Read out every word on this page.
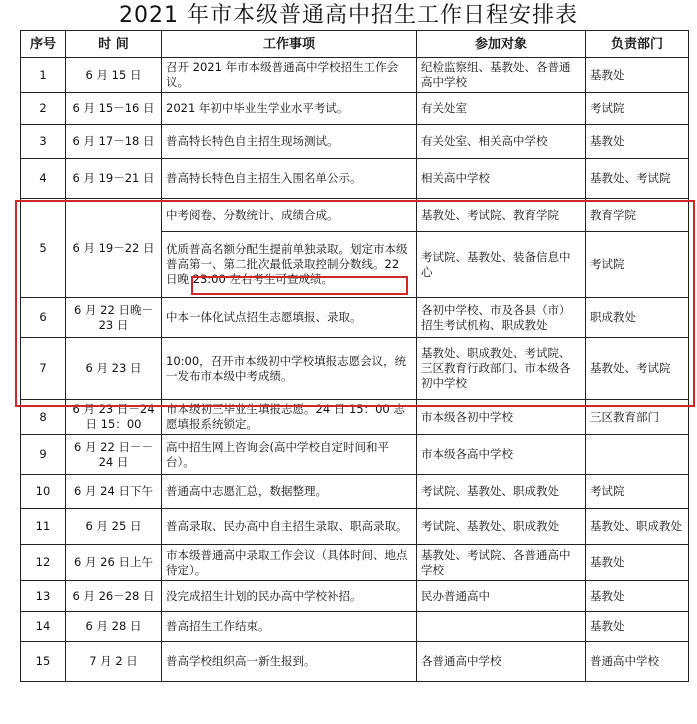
2021 年市本级普通高中招生工作日程安排表
序号	时 间	工作事项	参加对象	负责部门
1	6 月 15 日	召开 2021 年市本级普通高中学校招生工作会议。	纪检监察组、基教处、各普通高中学校	基教处
2	6 月 15－16 日	2021 年初中毕业生学业水平考试。	有关处室	考试院
3	6 月 17－18 日	普高特长特色自主招生现场测试。	有关处室、相关高中学校	基教处
4	6 月 19－21 日	普高特长特色自主招生入围名单公示。	相关高中学校	基教处、考试院
5	6 月 19－22 日	中考阅卷、分数统计、成绩合成。	基教处、考试院、教育学院	教育学院
		优质普高名额分配生提前单独录取。划定市本级普高第一、第二批次最低录取控制分数线。22 日晚 23:00 左右考生可查成绩。	考试院、基教处、装备信息中心	考试院
6	6 月 22 日晚－23 日	中本一体化试点招生志愿填报、录取。	各初中学校、市及各县（市）招生考试机构、职成教处	职成教处
7	6 月 23 日	10:00，召开市本级初中学校填报志愿会议，统一发布市本级中考成绩。	基教处、职成教处、考试院、三区教育行政部门、市本级各初中学校	基教处、考试院
8	6 月 23 日－24 日 15：00	市本级初三毕业生填报志愿。24 日 15：00 志愿填报系统锁定。	市本级各初中学校	三区教育部门
9	6 月 22 日－－24 日	高中招生网上咨询会(高中学校自定时间和平台）。	市本级各高中学校	
10	6 月 24 日下午	普通高中志愿汇总，数据整理。	考试院、基教处、职成教处	考试院
11	6 月 25 日	普高录取、民办高中自主招生录取、职高录取。	考试院、基教处、职成教处	基教处、职成教处
12	6 月 26 日上午	市本级普通高中录取工作会议（具体时间、地点待定）。	基教处、考试院、各普通高中学校	基教处
13	6 月 26－28 日	没完成招生计划的民办高中学校补招。	民办普通高中	基教处
14	6 月 28 日	普高招生工作结束。		基教处
15	7 月 2 日	普高学校组织高一新生报到。	各普通高中学校	普通高中学校
